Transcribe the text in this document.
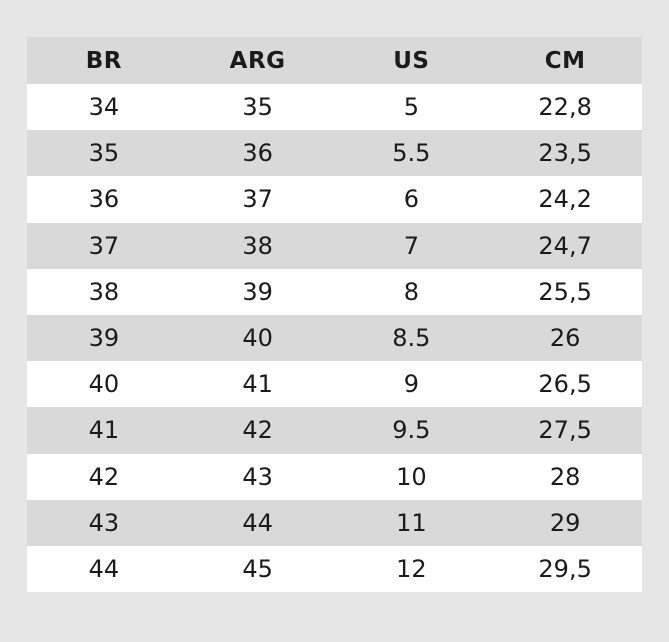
BR	ARG	US	CM
34	35	5	22,8
35	36	5.5	23,5
36	37	6	24,2
37	38	7	24,7
38	39	8	25,5
39	40	8.5	26
40	41	9	26,5
41	42	9.5	27,5
42	43	10	28
43	44	11	29
44	45	12	29,5
